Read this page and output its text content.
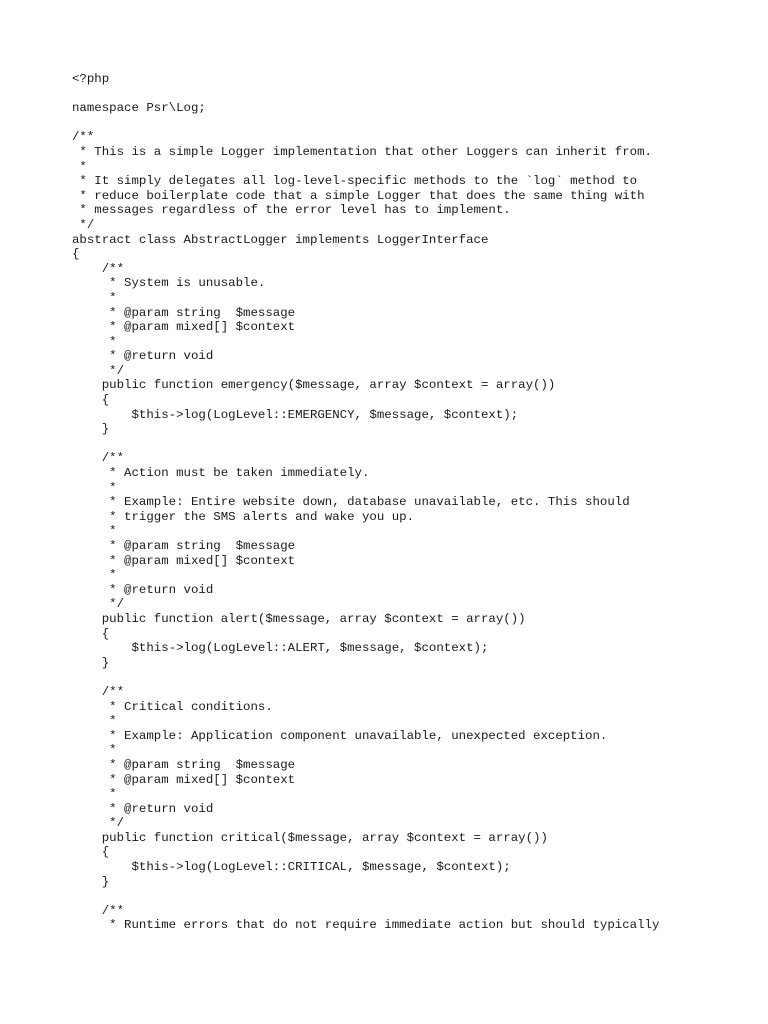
<?php

namespace Psr\Log;

/**
* This is a simple Logger implementation that other Loggers can inherit from.
*
* It simply delegates all log-level-specific methods to the `log` method to
* reduce boilerplate code that a simple Logger that does the same thing with
* messages regardless of the error level has to implement.
*/
abstract class AbstractLogger implements LoggerInterface
{
/**
* System is unusable.
*
* @param string  $message
* @param mixed[] $context
*
* @return void
*/
public function emergency($message, array $context = array())
{
$this->log(LogLevel::EMERGENCY, $message, $context);
}

/**
* Action must be taken immediately.
*
* Example: Entire website down, database unavailable, etc. This should
* trigger the SMS alerts and wake you up.
*
* @param string  $message
* @param mixed[] $context
*
* @return void
*/
public function alert($message, array $context = array())
{
$this->log(LogLevel::ALERT, $message, $context);
}

/**
* Critical conditions.
*
* Example: Application component unavailable, unexpected exception.
*
* @param string  $message
* @param mixed[] $context
*
* @return void
*/
public function critical($message, array $context = array())
{
$this->log(LogLevel::CRITICAL, $message, $context);
}

/**
* Runtime errors that do not require immediate action but should typically
